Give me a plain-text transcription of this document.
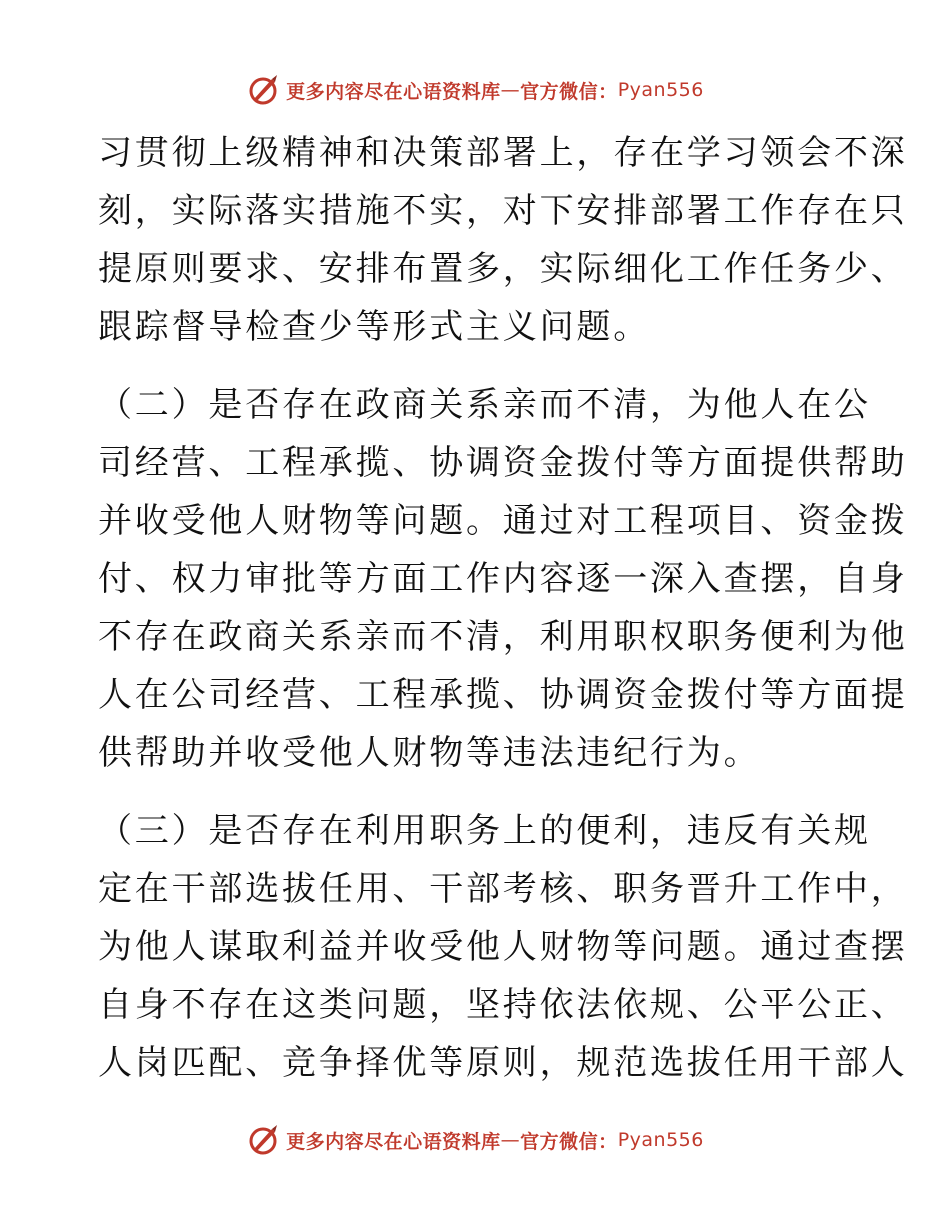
更多内容尽在心语资料库 — 官方微信： Pyan556
习贯彻上级精神和决策部署上，存在学习领会不深
刻，实际落实措施不实，对下安排部署工作存在只
提原则要求、安排布置多，实际细化工作任务少、
跟踪督导检查少等形式主义问题。
（二）是否存在政商关系亲而不清，为他人在公
司经营、工程承揽、协调资金拨付等方面提供帮助
并收受他人财物等问题。通过对工程项目、资金拨
付、权力审批等方面工作内容逐一深入查摆，自身
不存在政商关系亲而不清，利用职权职务便利为他
人在公司经营、工程承揽、协调资金拨付等方面提
供帮助并收受他人财物等违法违纪行为。
（三）是否存在利用职务上的便利，违反有关规
定在干部选拔任用、干部考核、职务晋升工作中，
为他人谋取利益并收受他人财物等问题。通过查摆
自身不存在这类问题，坚持依法依规、公平公正、
人岗匹配、竞争择优等原则，规范选拔任用干部人
更多内容尽在心语资料库 — 官方微信： Pyan556
